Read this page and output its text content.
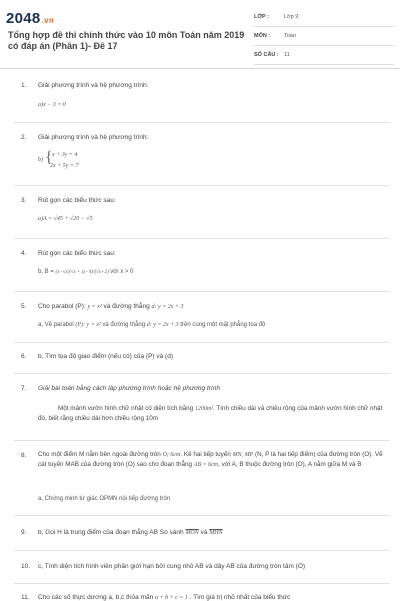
2048.vn
Tổng hợp đề thi chính thức vào 10 môn Toán năm 2019 có đáp án (Phần 1)- Đề 17
LỚP :	Lớp 9
MÔN :	Toán
SỐ CÂU : 11
1. Giải phương trình và hệ phương trình:
a)x − 3 = 0
2. Giải phương trình và hệ phương trình:
b) { x + 3y = 4
2x + 5y = 7
3. Rút gọn các biểu thức sau:
a)A = √45 + √20 − √5
4. Rút gọn các biểu thức sau:
b, B = (x−√x)/√x + (x−4)/(√x+2) với x > 0
5. Cho parabol (P): y = x² và đường thẳng d: y = 2x + 3
a, Vẽ parabol (P): y = x² và đường thẳng d: y = 2x + 3 trên cùng một mặt phẳng tọa độ
6. b, Tìm tọa độ giao điểm (nếu có) của (P) và (d)
7. Giải bài toán bằng cách lập phương trình hoặc hệ phương trình
Một mảnh vườn hình chữ nhật có diện tích bằng 1200m². Tính chiều dài và chiều rộng của mảnh vườn hình chữ nhật đó, biết rằng chiều dài hơn chiều rộng 10m
8. Cho một điểm M nằm bên ngoài đường tròn O; 6cm. Kẻ hai tiếp tuyến MN, MP (N, P là hai tiếp điểm) của đường tròn (O). Vẽ cát tuyến MAB của đường tròn (O) sao cho đoạn thẳng AB = 6cm, với A, B thuộc đường tròn (O), A nằm giữa M và B
a, Chứng minh tứ giác OPMN nội tiếp đường tròn
9. b, Gọi H là trung điểm của đoạn thẳng AB So sánh $\overline{MON}$ và $\overline{MHN}$
10. c, Tính diện tích hình viên phân giới hạn bởi cung nhỏ AB và dây AB của đường tròn tâm (O)
11. Cho các số thực dương a, b,c thỏa mãn a + b + c = 1 . Tìm giá trị nhỏ nhất của biểu thức
